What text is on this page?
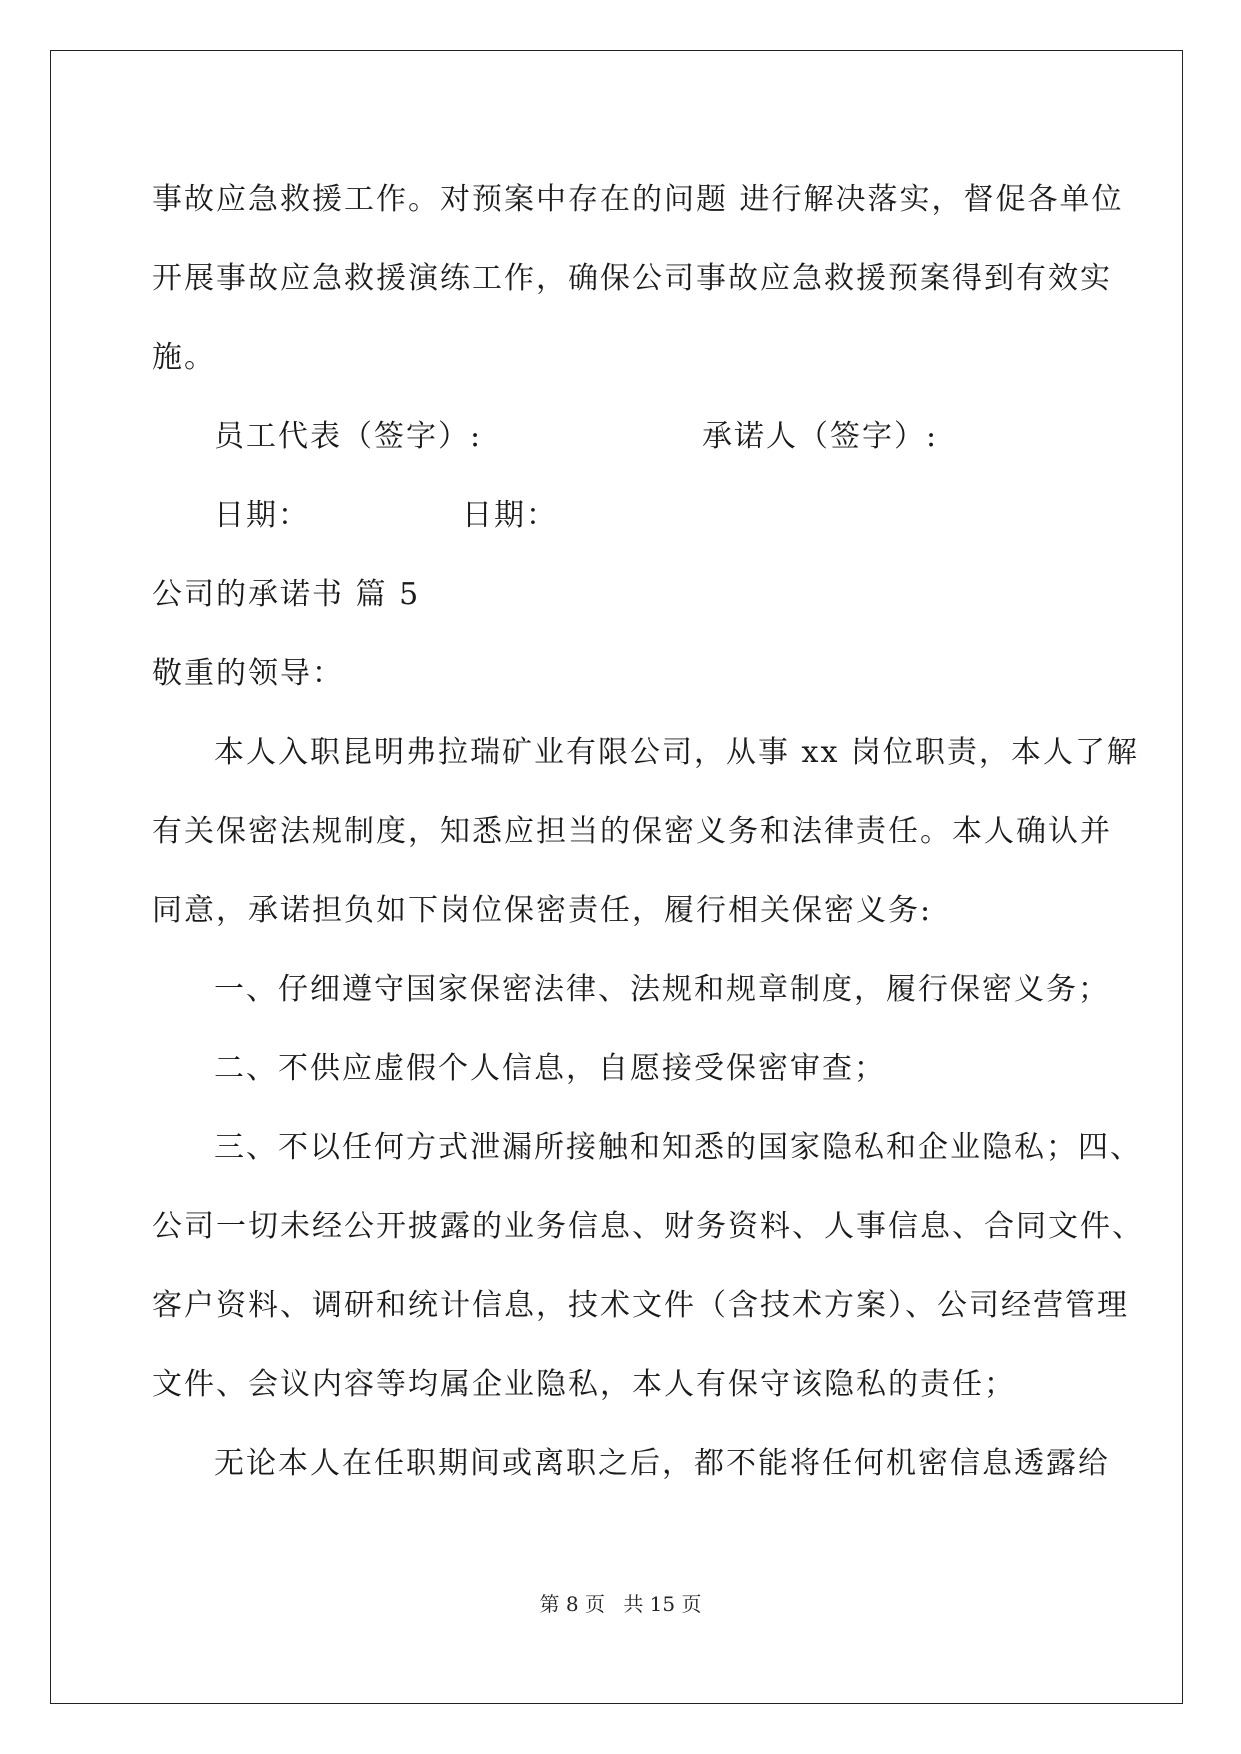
事故应急救援工作。对预案中存在的问题 进行解决落实，督促各单位
开展事故应急救援演练工作，确保公司事故应急救援预案得到有效实
施。
员工代表（签字）:	承诺人（签字）:
日期：	日期：
公司的承诺书 篇 5
敬重的领导：
本人入职昆明弗拉瑞矿业有限公司，从事 xx 岗位职责，本人了解
有关保密法规制度，知悉应担当的保密义务和法律责任。本人确认并
同意，承诺担负如下岗位保密责任，履行相关保密义务:
一、仔细遵守国家保密法律、法规和规章制度，履行保密义务；
二、不供应虚假个人信息，自愿接受保密审查；
三、不以任何方式泄漏所接触和知悉的国家隐私和企业隐私；四、
公司一切未经公开披露的业务信息、财务资料、人事信息、合同文件、
客户资料、调研和统计信息，技术文件（含技术方案）、公司经营管理
文件、会议内容等均属企业隐私，本人有保守该隐私的责任；
无论本人在任职期间或离职之后，都不能将任何机密信息透露给
第 8 页 共 15 页
